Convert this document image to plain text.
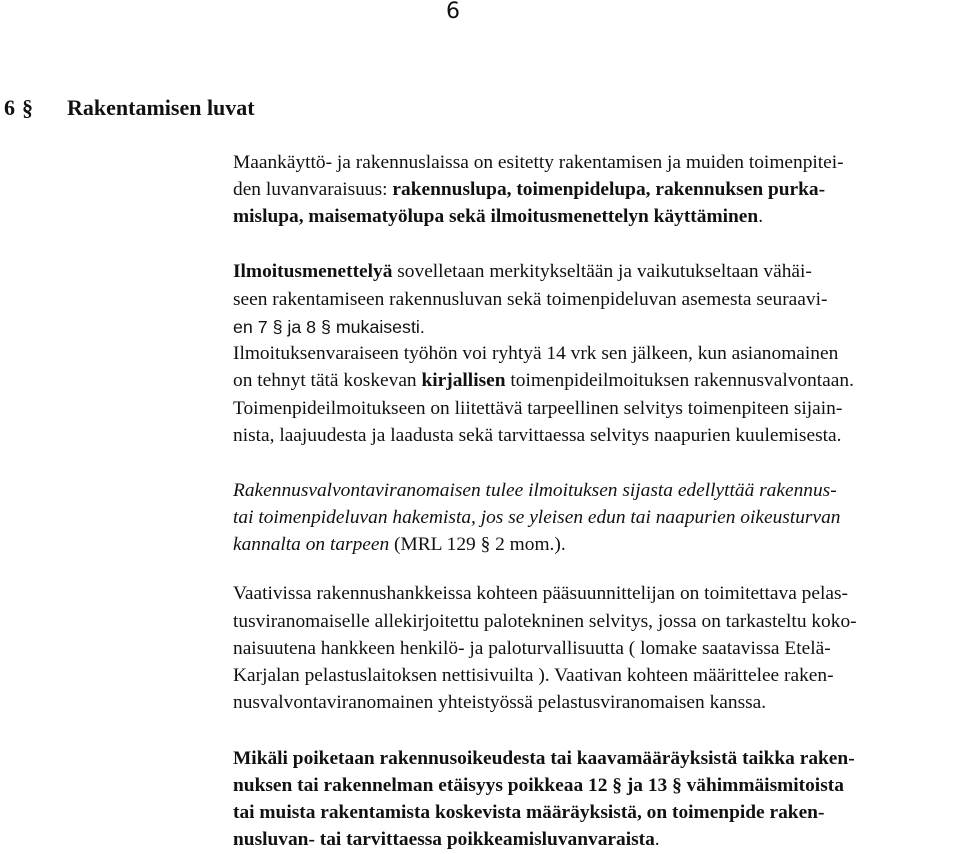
6
6 § Rakentamisen luvat
Maankäyttö- ja rakennuslaissa on esitetty rakentamisen ja muiden toimenpitei-
den luvanvaraisuus: rakennuslupa, toimenpidelupa, rakennuksen purka-
mislupa, maisematyölupa sekä ilmoitusmenettelyn käyttäminen.
Ilmoitusmenettelyä sovelletaan merkitykseltään ja vaikutukseltaan vähäi-
seen rakentamiseen rakennusluvan sekä toimenpideluvan asemesta seuraavi-
en 7 § ja 8 § mukaisesti.
Ilmoituksenvaraiseen työhön voi ryhtyä 14 vrk sen jälkeen, kun asianomainen
on tehnyt tätä koskevan kirjallisen toimenpideilmoituksen rakennusvalvontaan.
Toimenpideilmoitukseen on liitettävä tarpeellinen selvitys toimenpiteen sijain-
nista, laajuudesta ja laadusta sekä tarvittaessa selvitys naapurien kuulemisesta.
Rakennusvalvontaviranomaisen tulee ilmoituksen sijasta edellyttää rakennus-
tai toimenpideluvan hakemista, jos se yleisen edun tai naapurien oikeusturvan
kannalta on tarpeen (MRL 129 § 2 mom.).
Vaativissa rakennushankkeissa kohteen pääsuunnittelijan on toimitettava pelas-
tusviranomaiselle allekirjoitettu palotekninen selvitys, jossa on tarkasteltu koko-
naisuutena hankkeen henkilö- ja paloturvallisuutta ( lomake saatavissa Etelä-
Karjalan pelastuslaitoksen nettisivuilta ). Vaativan kohteen määrittelee raken-
nusvalvontaviranomainen yhteistyössä pelastusviranomaisen kanssa.
Mikäli poiketaan rakennusoikeudesta tai kaavamääräyksistä taikka raken-
nuksen tai rakennelman etäisyys poikkeaa 12 § ja 13 § vähimmäismitoista
tai muista rakentamista koskevista määräyksistä, on toimenpide raken-
nusluvan- tai tarvittaessa poikkeamisluvanvaraista.
